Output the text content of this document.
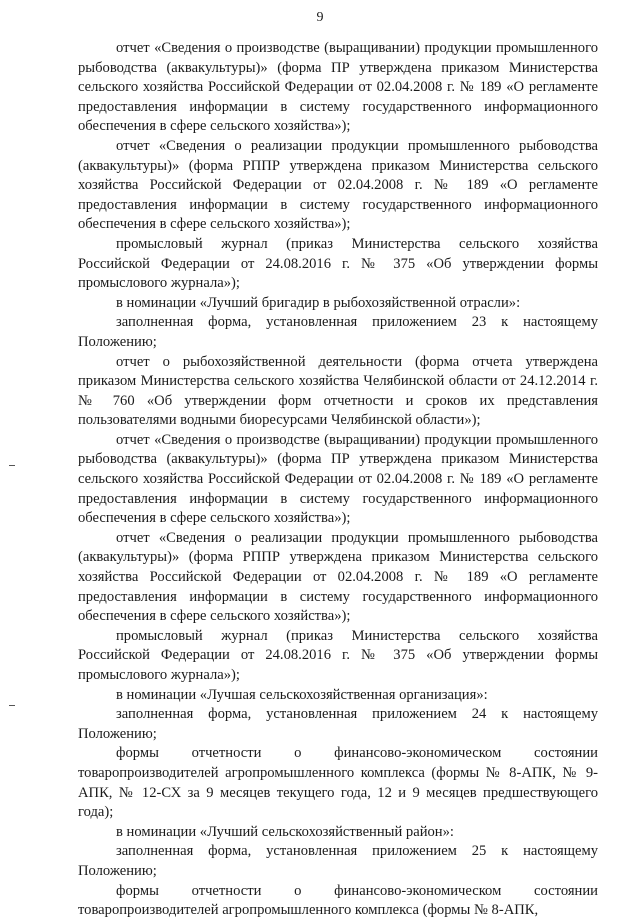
9

отчет «Сведения о производстве (выращивании) продукции промышленного рыбоводства (аквакультуры)» (форма ПР утверждена приказом Министерства сельского хозяйства Российской Федерации от 02.04.2008 г. № 189 «О регламенте предоставления информации в систему государственного информационного обеспечения в сфере сельского хозяйства»);

отчет «Сведения о реализации продукции промышленного рыбоводства (аквакультуры)» (форма РППР утверждена приказом Министерства сельского хозяйства Российской Федерации от 02.04.2008 г. № 189 «О регламенте предоставления информации в систему государственного информационного обеспечения в сфере сельского хозяйства»);

промысловый журнал (приказ Министерства сельского хозяйства Российской Федерации от 24.08.2016 г. № 375 «Об утверждении формы промыслового журнала»);

в номинации «Лучший бригадир в рыбохозяйственной отрасли»:

заполненная форма, установленная приложением 23 к настоящему Положению;

отчет о рыбохозяйственной деятельности (форма отчета утверждена приказом Министерства сельского хозяйства Челябинской области от 24.12.2014 г. № 760 «Об утверждении форм отчетности и сроков их представления пользователями водными биоресурсами Челябинской области»);

отчет «Сведения о производстве (выращивании) продукции промышленного рыбоводства (аквакультуры)» (форма ПР утверждена приказом Министерства сельского хозяйства Российской Федерации от 02.04.2008 г. № 189 «О регламенте предоставления информации в систему государственного информационного обеспечения в сфере сельского хозяйства»);

отчет «Сведения о реализации продукции промышленного рыбоводства (аквакультуры)» (форма РППР утверждена приказом Министерства сельского хозяйства Российской Федерации от 02.04.2008 г. № 189 «О регламенте предоставления информации в систему государственного информационного обеспечения в сфере сельского хозяйства»);

промысловый журнал (приказ Министерства сельского хозяйства Российской Федерации от 24.08.2016 г. № 375 «Об утверждении формы промыслового журнала»);

в номинации «Лучшая сельскохозяйственная организация»:

заполненная форма, установленная приложением 24 к настоящему Положению;

формы отчетности о финансово-экономическом состоянии товаропроизводителей агропромышленного комплекса (формы № 8-АПК, № 9-АПК, № 12-СХ за 9 месяцев текущего года, 12 и 9 месяцев предшествующего года);

в номинации «Лучший сельскохозяйственный район»:

заполненная форма, установленная приложением 25 к настоящему Положению;

формы отчетности о финансово-экономическом состоянии товаропроизводителей агропромышленного комплекса (формы № 8-АПК,
